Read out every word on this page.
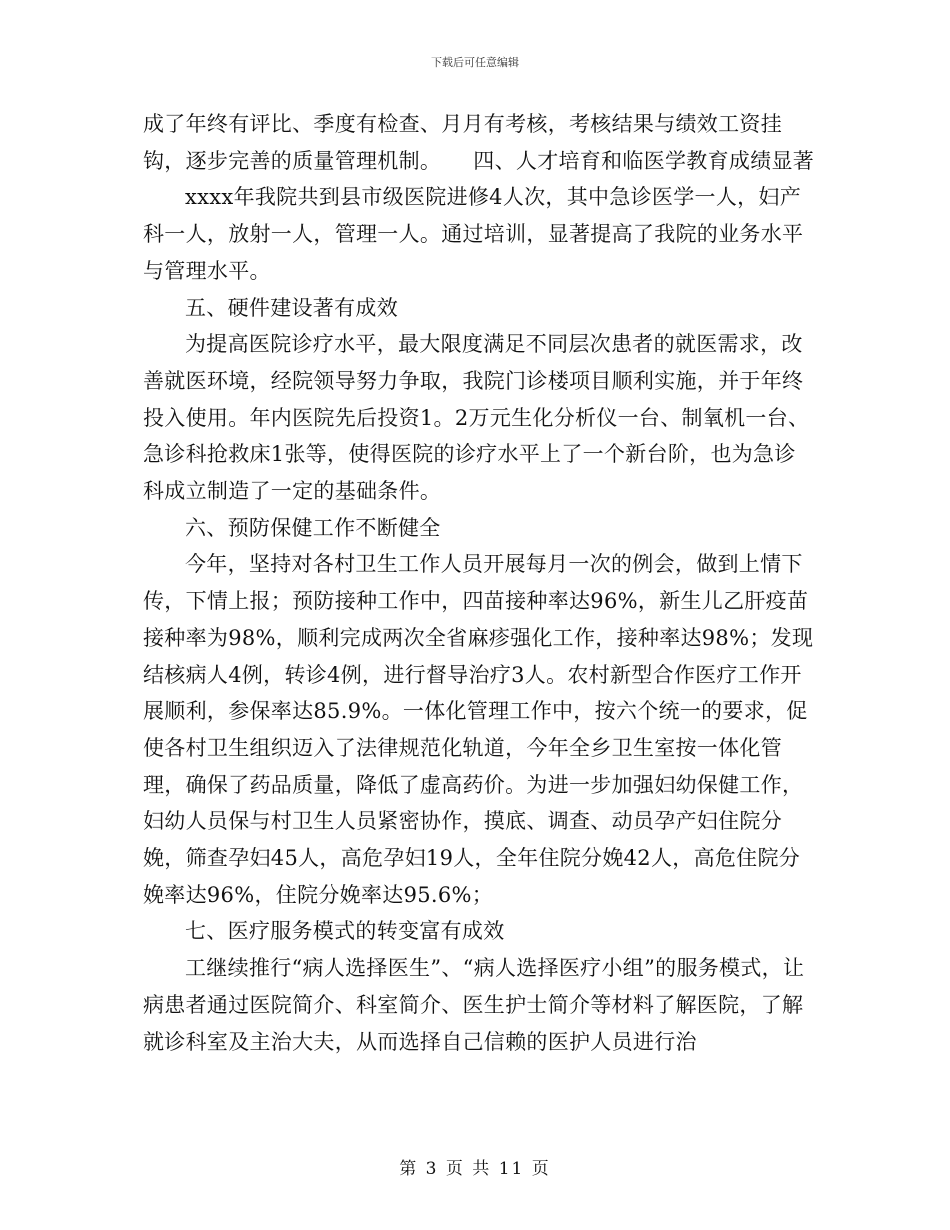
下载后可任意编辑

成了年终有评比、季度有检查、月月有考核，考核结果与绩效工资挂钩，逐步完善的质量管理机制。　　四、人才培育和临医学教育成绩显著

xxxx年我院共到县市级医院进修4人次，其中急诊医学一人，妇产科一人，放射一人，管理一人。通过培训，显著提高了我院的业务水平与管理水平。

五、硬件建设著有成效

为提高医院诊疗水平，最大限度满足不同层次患者的就医需求，改善就医环境，经院领导努力争取，我院门诊楼项目顺利实施，并于年终投入使用。年内医院先后投资1。2万元生化分析仪一台、制氧机一台、急诊科抢救床1张等，使得医院的诊疗水平上了一个新台阶，也为急诊科成立制造了一定的基础条件。

六、预防保健工作不断健全

今年，坚持对各村卫生工作人员开展每月一次的例会，做到上情下传，下情上报；预防接种工作中，四苗接种率达96%，新生儿乙肝疫苗接种率为98%，顺利完成两次全省麻疹强化工作，接种率达98%；发现结核病人4例，转诊4例，进行督导治疗3人。农村新型合作医疗工作开展顺利，参保率达85.9%。一体化管理工作中，按六个统一的要求，促使各村卫生组织迈入了法律规范化轨道，今年全乡卫生室按一体化管理，确保了药品质量，降低了虚高药价。为进一步加强妇幼保健工作，妇幼人员保与村卫生人员紧密协作，摸底、调查、动员孕产妇住院分娩，筛查孕妇45人，高危孕妇19人，全年住院分娩42人，高危住院分娩率达96%，住院分娩率达95.6%；

七、医疗服务模式的转变富有成效

工继续推行“病人选择医生”、“病人选择医疗小组”的服务模式，让病患者通过医院简介、科室简介、医生护士简介等材料了解医院，了解就诊科室及主治大夫，从而选择自己信赖的医护人员进行治

第 3 页 共 11 页
